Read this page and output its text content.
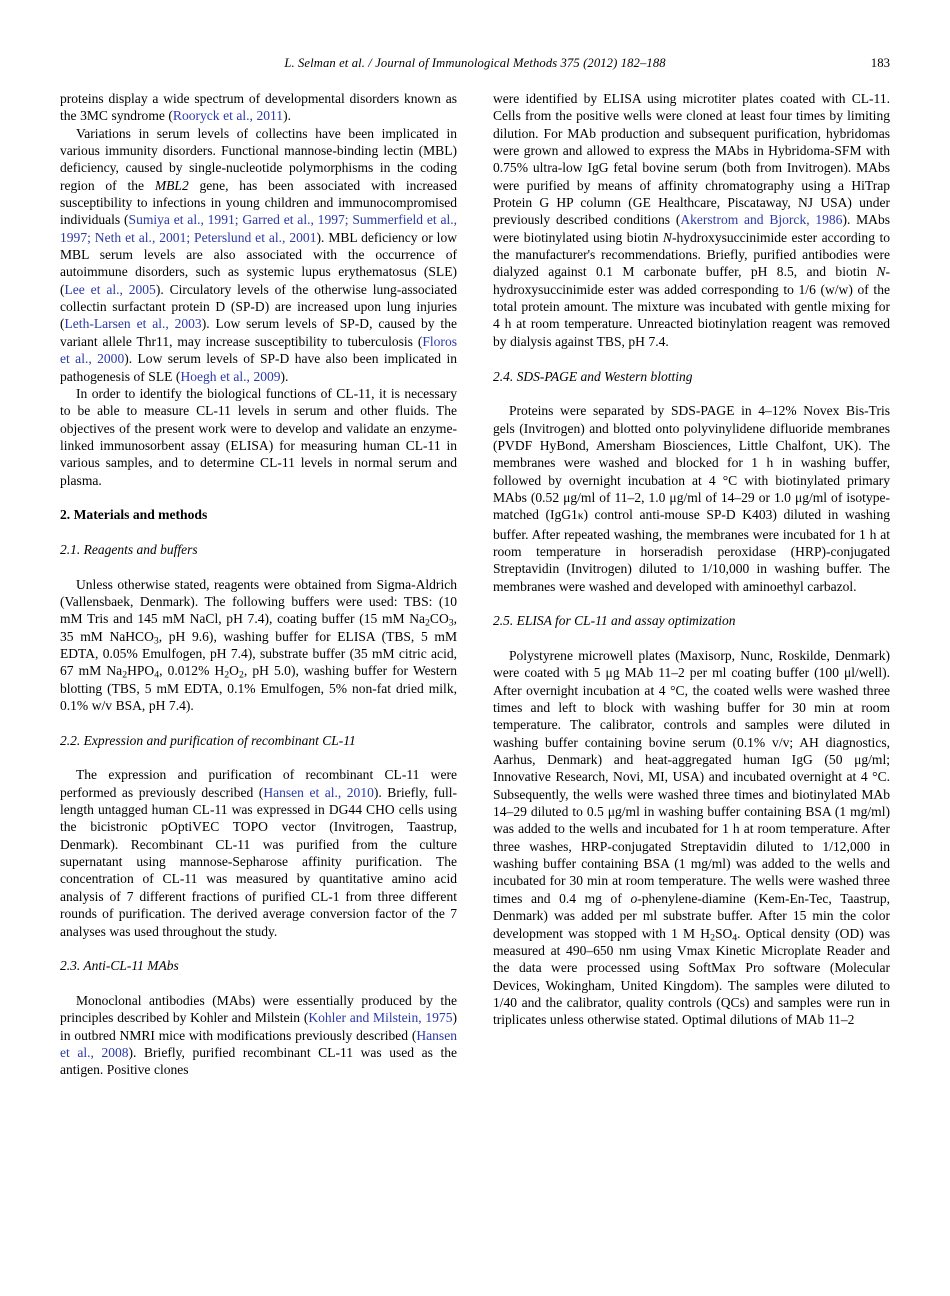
L. Selman et al. / Journal of Immunological Methods 375 (2012) 182–188	183

proteins display a wide spectrum of developmental disorders known as the 3MC syndrome (Rooryck et al., 2011).

Variations in serum levels of collectins have been implicated in various immunity disorders. Functional mannose-binding lectin (MBL) deficiency, caused by single-nucleotide polymorphisms in the coding region of the MBL2 gene, has been associated with increased susceptibility to infections in young children and immunocompromised individuals (Sumiya et al., 1991; Garred et al., 1997; Summerfield et al., 1997; Neth et al., 2001; Peterslund et al., 2001). MBL deficiency or low MBL serum levels are also associated with the occurrence of autoimmune disorders, such as systemic lupus erythematosus (SLE) (Lee et al., 2005). Circulatory levels of the otherwise lung-associated collectin surfactant protein D (SP-D) are increased upon lung injuries (Leth-Larsen et al., 2003). Low serum levels of SP-D, caused by the variant allele Thr11, may increase susceptibility to tuberculosis (Floros et al., 2000). Low serum levels of SP-D have also been implicated in pathogenesis of SLE (Hoegh et al., 2009).

In order to identify the biological functions of CL-11, it is necessary to be able to measure CL-11 levels in serum and other fluids. The objectives of the present work were to develop and validate an enzyme-linked immunosorbent assay (ELISA) for measuring human CL-11 in various samples, and to determine CL-11 levels in normal serum and plasma.

2. Materials and methods
2.1. Reagents and buffers

Unless otherwise stated, reagents were obtained from Sigma-Aldrich (Vallensbaek, Denmark). The following buffers were used: TBS: (10 mM Tris and 145 mM NaCl, pH 7.4), coating buffer (15 mM $Na_2CO_3$, 35 mM NaHCO$_3$, pH 9.6), washing buffer for ELISA (TBS, 5 mM EDTA, 0.05% Emulfogen, pH 7.4), substrate buffer (35 mM citric acid, 67 mM $Na_2HPO_4$, 0.012% $H_2O_2$, pH 5.0), washing buffer for Western blotting (TBS, 5 mM EDTA, 0.1% Emulfogen, 5% non-fat dried milk, 0.1% w/v BSA, pH 7.4).

2.2. Expression and purification of recombinant CL-11

The expression and purification of recombinant CL-11 were performed as previously described (Hansen et al., 2010). Briefly, full-length untagged human CL-11 was expressed in DG44 CHO cells using the bicistronic pOptiVEC TOPO vector (Invitrogen, Taastrup, Denmark). Recombinant CL-11 was purified from the culture supernatant using mannose-Sepharose affinity purification. The concentration of CL-11 was measured by quantitative amino acid analysis of 7 different fractions of purified CL-1 from three different rounds of purification. The derived average conversion factor of the 7 analyses was used throughout the study.

2.3. Anti-CL-11 MAbs

Monoclonal antibodies (MAbs) were essentially produced by the principles described by Kohler and Milstein (Kohler and Milstein, 1975) in outbred NMRI mice with modifications previously described (Hansen et al., 2008). Briefly, purified recombinant CL-11 was used as the antigen. Positive clones

were identified by ELISA using microtiter plates coated with CL-11. Cells from the positive wells were cloned at least four times by limiting dilution. For MAb production and subsequent purification, hybridomas were grown and allowed to express the MAbs in Hybridoma-SFM with 0.75% ultra-low IgG fetal bovine serum (both from Invitrogen). MAbs were purified by means of affinity chromatography using a HiTrap Protein G HP column (GE Healthcare, Piscataway, NJ USA) under previously described conditions (Akerstrom and Bjorck, 1986). MAbs were biotinylated using biotin N-hydroxysuccinimide ester according to the manufacturer's recommendations. Briefly, purified antibodies were dialyzed against 0.1 M carbonate buffer, pH 8.5, and biotin N-hydroxysuccinimide ester was added corresponding to 1/6 (w/w) of the total protein amount. The mixture was incubated with gentle mixing for 4 h at room temperature. Unreacted biotinylation reagent was removed by dialysis against TBS, pH 7.4.

2.4. SDS-PAGE and Western blotting

Proteins were separated by SDS-PAGE in 4–12% Novex Bis-Tris gels (Invitrogen) and blotted onto polyvinylidene difluoride membranes (PVDF HyBond, Amersham Biosciences, Little Chalfont, UK). The membranes were washed and blocked for 1 h in washing buffer, followed by overnight incubation at 4 °C with biotinylated primary MAbs (0.52 μg/ml of 11–2, 1.0 μg/ml of 14–29 or 1.0 μg/ml of isotype-matched (IgG1κ) control anti-mouse SP-D K403) diluted in washing buffer. After repeated washing, the membranes were incubated for 1 h at room temperature in horseradish peroxidase (HRP)-conjugated Streptavidin (Invitrogen) diluted to 1/10,000 in washing buffer. The membranes were washed and developed with aminoethyl carbazol.

2.5. ELISA for CL-11 and assay optimization

Polystyrene microwell plates (Maxisorp, Nunc, Roskilde, Denmark) were coated with 5 μg MAb 11–2 per ml coating buffer (100 μl/well). After overnight incubation at 4 °C, the coated wells were washed three times and left to block with washing buffer for 30 min at room temperature. The calibrator, controls and samples were diluted in washing buffer containing bovine serum (0.1% v/v; AH diagnostics, Aarhus, Denmark) and heat-aggregated human IgG (50 μg/ml; Innovative Research, Novi, MI, USA) and incubated overnight at 4 °C. Subsequently, the wells were washed three times and biotinylated MAb 14–29 diluted to 0.5 μg/ml in washing buffer containing BSA (1 mg/ml) was added to the wells and incubated for 1 h at room temperature. After three washes, HRP-conjugated Streptavidin diluted to 1/12,000 in washing buffer containing BSA (1 mg/ml) was added to the wells and incubated for 30 min at room temperature. The wells were washed three times and 0.4 mg of o-phenylene-diamine (Kem-En-Tec, Taastrup, Denmark) was added per ml substrate buffer. After 15 min the color development was stopped with 1 M $H_2SO_4$. Optical density (OD) was measured at 490–650 nm using Vmax Kinetic Microplate Reader and the data were processed using SoftMax Pro software (Molecular Devices, Wokingham, United Kingdom). The samples were diluted to 1/40 and the calibrator, quality controls (QCs) and samples were run in triplicates unless otherwise stated. Optimal dilutions of MAb 11–2
